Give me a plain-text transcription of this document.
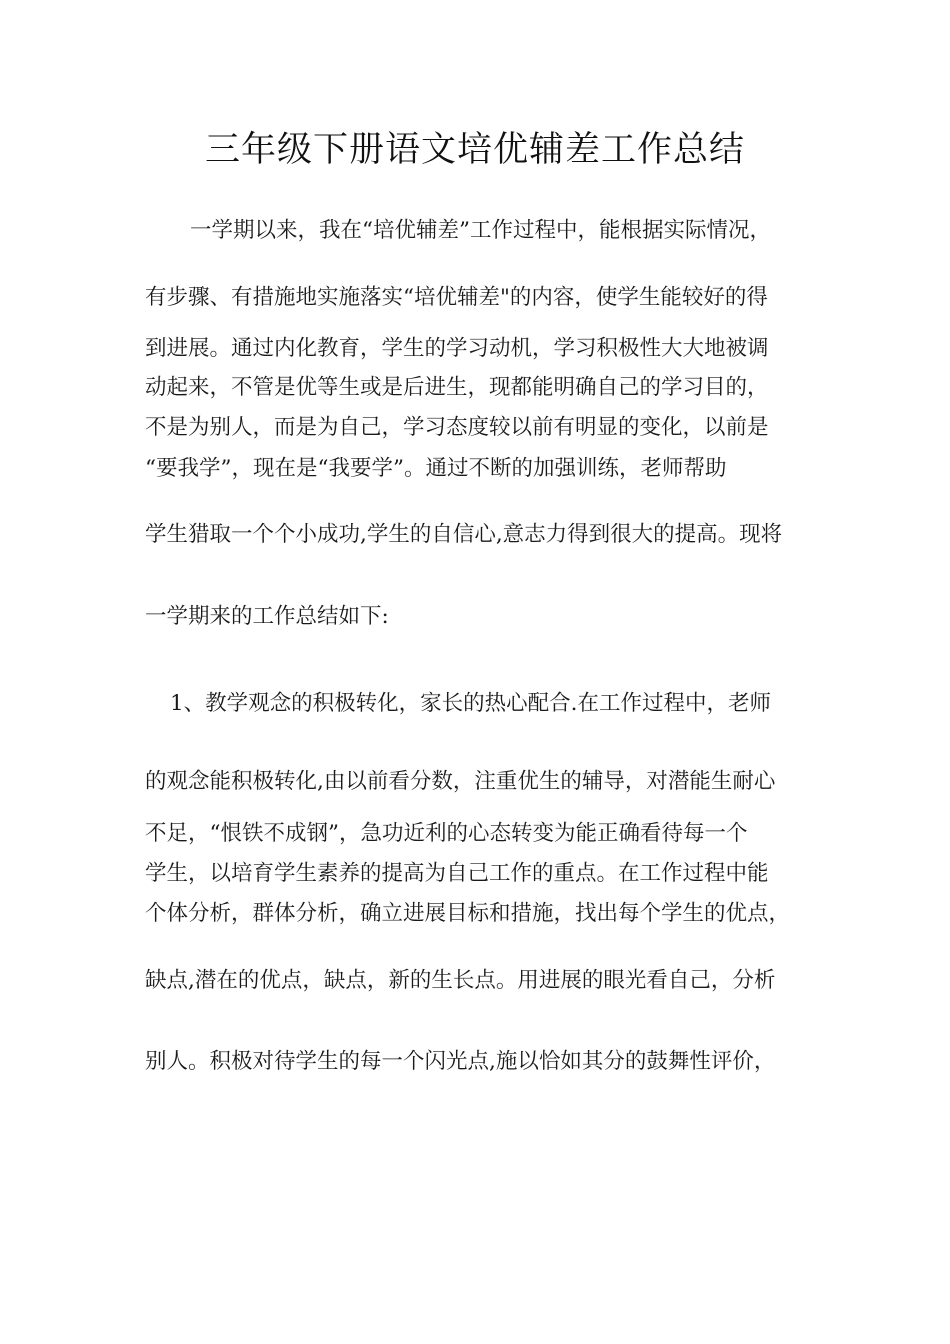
三年级下册语文培优辅差工作总结
一学期以来，我在“培优辅差”工作过程中，能根据实际情况，
有步骤、有措施地实施落实“培优辅差"的内容，使学生能较好的得
到进展。通过内化教育，学生的学习动机，学习积极性大大地被调
动起来，不管是优等生或是后进生，现都能明确自己的学习目的，
不是为别人，而是为自己，学习态度较以前有明显的变化，以前是
“要我学”，现在是“我要学”。通过不断的加强训练，老师帮助
学生猎取一个个小成功,学生的自信心,意志力得到很大的提高。现将
一学期来的工作总结如下:
1、教学观念的积极转化，家长的热心配合.在工作过程中，老师
的观念能积极转化,由以前看分数，注重优生的辅导，对潜能生耐心
不足，“恨铁不成钢”，急功近利的心态转变为能正确看待每一个
学生，以培育学生素养的提高为自己工作的重点。在工作过程中能
个体分析，群体分析，确立进展目标和措施，找出每个学生的优点，
缺点,潜在的优点，缺点，新的生长点。用进展的眼光看自己，分析
别人。积极对待学生的每一个闪光点,施以恰如其分的鼓舞性评价，
